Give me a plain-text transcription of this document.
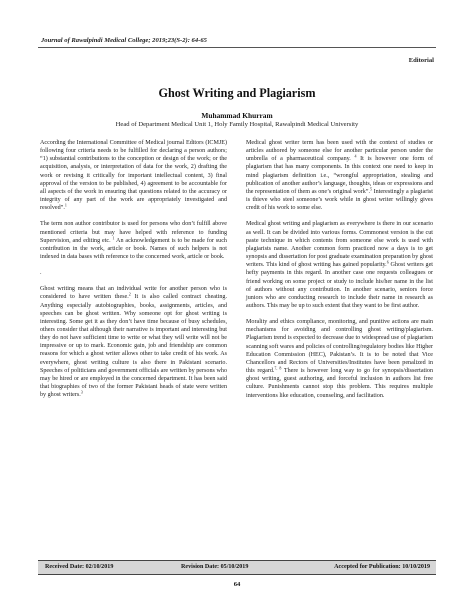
Journal of Rawalpindi Medical College; 2019;23(S-2): 64-65
Editorial
Ghost Writing and Plagiarism
Muhammad Khurram
Head of Department Medical Unit 1, Holy Family Hospital, Rawalpindi Medical University

According the International Committee of Medical journal Editors (ICMJE) following four criteria needs to be fulfilled for declaring a person authors; “1) substantial contributions to the conception or design of the work; or the acquisition, analysis, or interpretation of data for the work, 2) drafting the work or revising it critically for important intellectual content, 3) final approval of the version to be published, 4) agreement to be accountable for all aspects of the work in ensuring that questions related to the accuracy or integrity of any part of the work are appropriately investigated and resolved”.$^1$

The term non author contributor is used for persons who don’t fulfill above mentioned criteria but may have helped with reference to funding Supervision, and editing etc. $^1$ An acknowledgement is to be made for such contribution in the work, article or book. Names of such helpers is not indexed in data bases with reference to the concerned work, article or book.

.

Ghost writing means that an individual write for another person who is considered to have written these.$^2$ It is also called contract cheating. Anything especially autobiographies, books, assignments, articles, and speeches can be ghost written. Why someone opt for ghost writing is interesting. Some get it as they don’t have time because of busy schedules, others consider that although their narrative is important and interesting but they do not have sufficient time to write or what they will write will not be impressive or up to mark. Economic gain, job and friendship are common reasons for which a ghost writer allows other to take credit of his work. As everywhere, ghost writing culture is also there in Pakistani scenario. Speeches of politicians and government officials are written by persons who may be hired or are employed in the concerned department. It has been said that biographies of two of the former Pakistani heads of state were written by ghost writers.$^3$

Medical ghost writer term has been used with the context of studies or articles authored by someone else for another particular person under the umbrella of a pharmaceutical company. $^4$ It is however one form of plagiarism that has many components. In this context one need to keep in mind plagiarism definition i.e., “wrongful appropriation, stealing and publication of another author’s language, thoughts, ideas or expressions and the representation of them as one’s original work”.$^5$ Interestingly a plagiarist is thieve who steel someone’s work while in ghost writer willingly gives credit of his work to some else.

Medical ghost writing and plagiarism as everywhere is there in our scenario as well. It can be divided into various forms. Commonest version is the cut paste technique in which contents from someone else work is used with plagiarists name. Another common form practiced now a days is to get synopsis and dissertation for post graduate examination preparation by ghost writers. This kind of ghost writing has gained popularity.$^6$ Ghost writers get hefty payments in this regard. In another case one requests colleagues or friend working on some project or study to include his/her name in the list of authors without any contribution. In another scenario, seniors force juniors who are conducting research to include their name in research as authors. This may be up to such extent that they want to be first author.

Morality and ethics compliance, monitoring, and punitive actions are main mechanisms for avoiding and controlling ghost writing/plagiarism. Plagiarism trend is expected to decrease due to widespread use of plagiarism scanning soft wares and policies of controlling/regulatory bodies like Higher Education Commission (HEC), Pakistan’s. It is to be noted that Vice Chancellors and Rectors of Universities/Institutes have been penalized in this regard.$^{7, 8}$ There is however long way to go for synopsis/dissertation ghost writing, guest authoring, and forceful inclusion in authors list free culture. Punishments cannot stop this problem. This requires multiple interventions like education, counseling, and facilitation.

Received Date: 02/10/2019	Revision Date: 05/10/2019	Accepted for Publication: 10/10/2019
64
